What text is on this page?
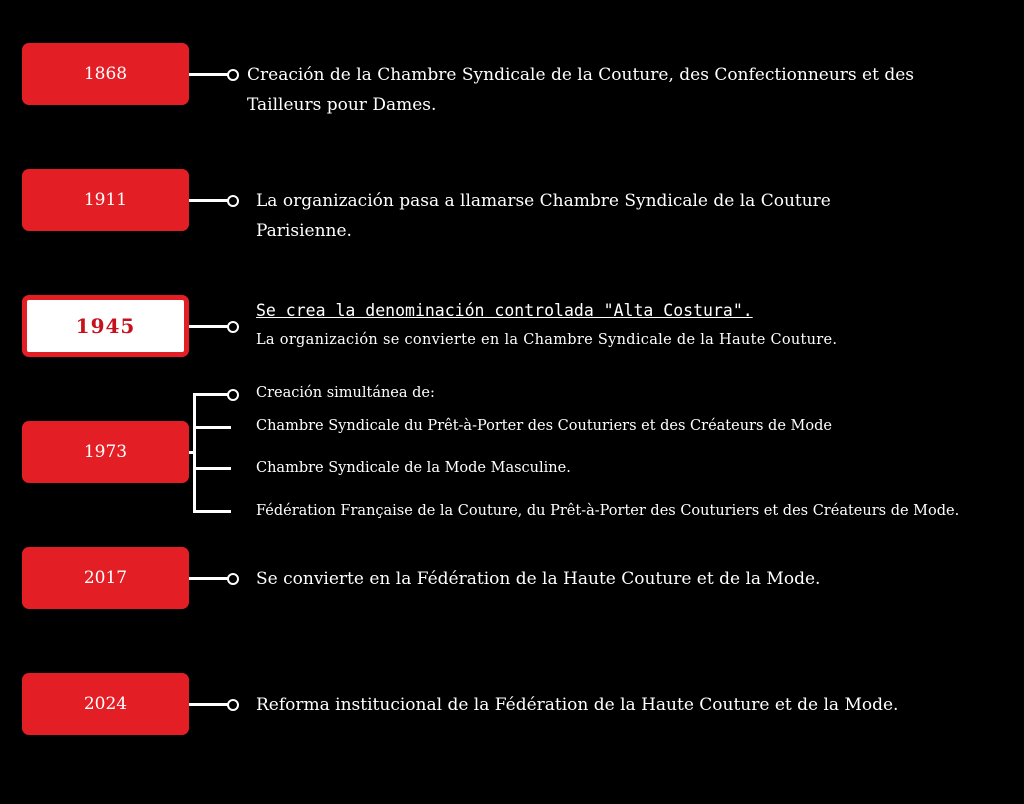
1868	Creación de la Chambre Syndicale de la Couture, des Confectionneurs et des
Tailleurs pour Dames.
1911	La organización pasa a llamarse Chambre Syndicale de la Couture
Parisienne.
1945
Se crea la denominación controlada "Alta Costura".
La organización se convierte en la Chambre Syndicale de la Haute Couture.
1973
Creación simultánea de:
Chambre Syndicale du Prêt-à-Porter des Couturiers et des Créateurs de Mode
Chambre Syndicale de la Mode Masculine.
Fédération Française de la Couture, du Prêt-à-Porter des Couturiers et des Créateurs de Mode.
2017	Se convierte en la Fédération de la Haute Couture et de la Mode.
2024	Reforma institucional de la Fédération de la Haute Couture et de la Mode.
